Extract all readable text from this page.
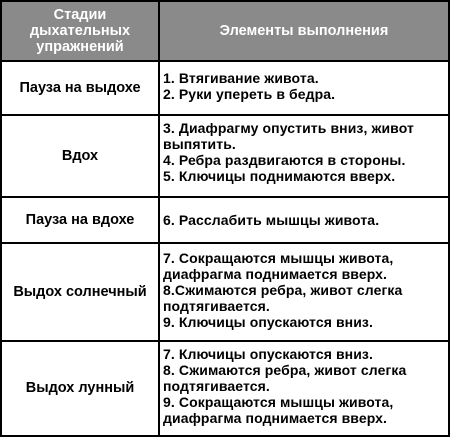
Стадии
дыхательных
упражнений
Элементы выполнения
Пауза на выдохе
1. Втягивание живота.
2. Руки упереть в бедра.
Вдох
3. Диафрагму опустить вниз, живот
выпятить.
4. Ребра раздвигаются в стороны.
5. Ключицы поднимаются вверх.
Пауза на вдохе 6. Расслабить мышцы живота.
Выдох солнечный
7. Сокращаются мышцы живота,
диафрагма поднимается вверх.
8.Сжимаются ребра, живот слегка
подтягивается.
9. Ключицы опускаются вниз.
Выдох лунный
7. Ключицы опускаются вниз.
8. Сжимаются ребра, живот слегка
подтягивается.
9. Сокращаются мышцы живота,
диафрагма поднимается вверх.
